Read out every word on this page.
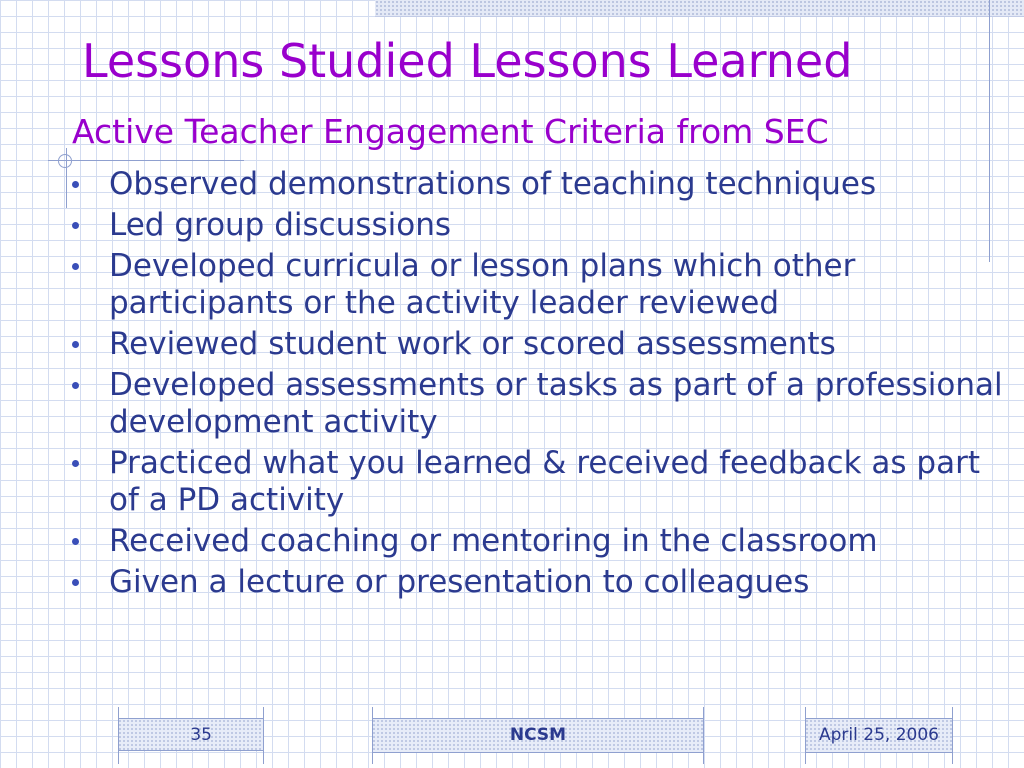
Lessons Studied Lessons Learned
Active Teacher Engagement Criteria from SEC
Observed demonstrations of teaching techniques
Led group discussions
Developed curricula or lesson plans which other participants or the activity leader reviewed
Reviewed student work or scored assessments
Developed assessments or tasks as part of a professional development activity
Practiced what you learned & received feedback as part of a PD activity
Received coaching or mentoring in the classroom
Given a lecture or presentation to colleagues
35	NCSM	April 25, 2006
